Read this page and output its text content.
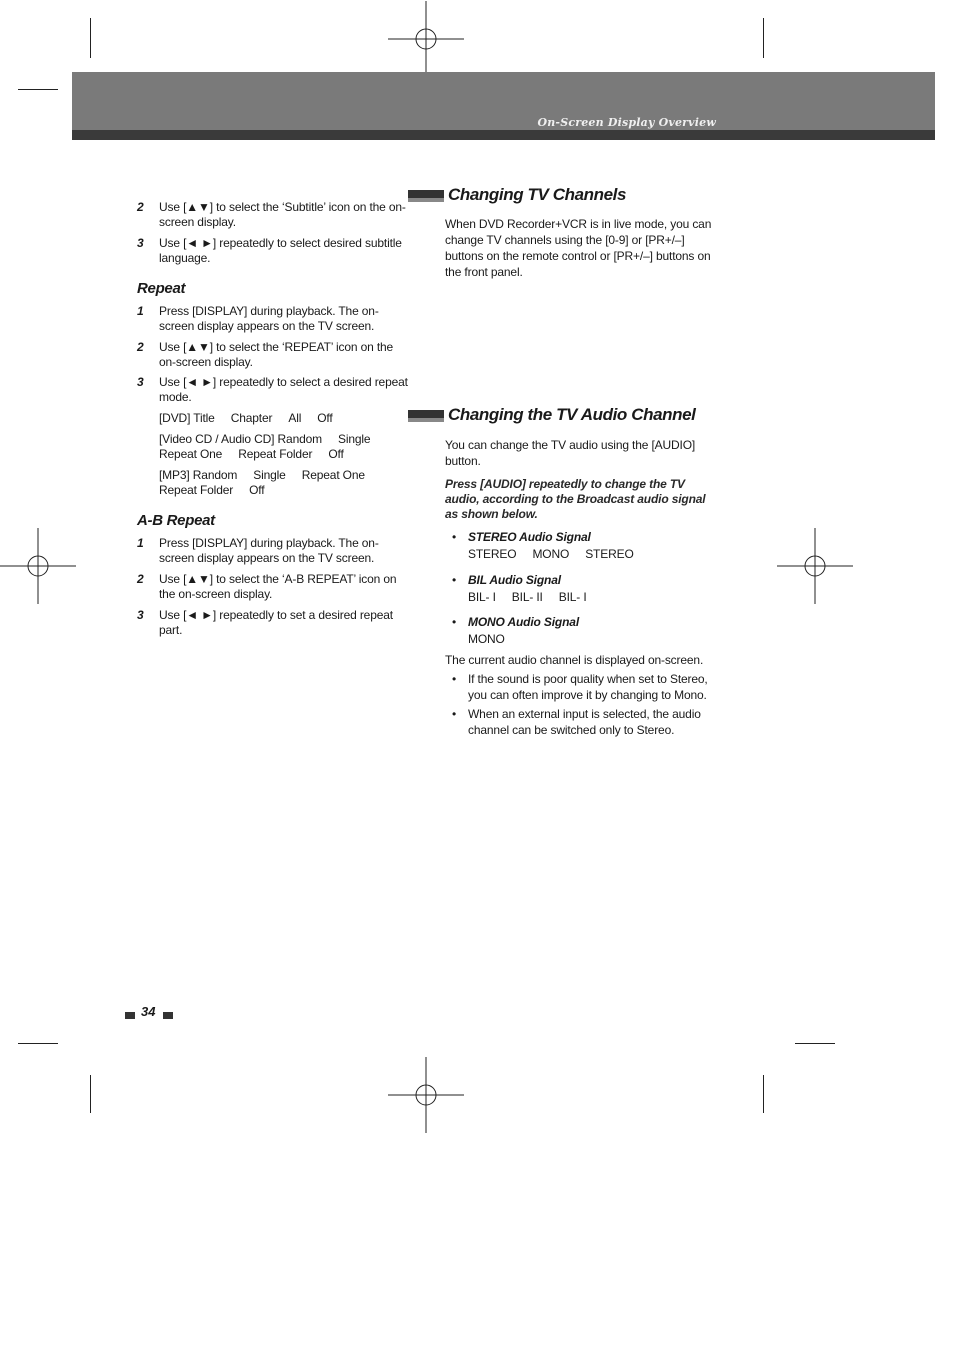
On-Screen Display Overview
2 Use [▲▼] to select the ‘Subtitle’ icon on the on-screen display.
3 Use [◄ ►] repeatedly to select desired subtitle language.
Repeat
1 Press [DISPLAY] during playback. The on-screen display appears on the TV screen.
2 Use [▲▼] to select the ‘REPEAT’ icon on the on-screen display.
3 Use [◄ ►] repeatedly to select a desired repeat mode.
[DVD] Title Chapter All Off
[Video CD / Audio CD] Random Single
Repeat One Repeat Folder Off
[MP3] Random Single Repeat One
Repeat Folder Off
A-B Repeat
1 Press [DISPLAY] during playback. The on-screen display appears on the TV screen.
2 Use [▲▼] to select the ‘A-B REPEAT’ icon on the on-screen display.
3 Use [◄ ►] repeatedly to set a desired repeat part.
Changing TV Channels
When DVD Recorder+VCR is in live mode, you can change TV channels using the [0-9] or [PR+/–] buttons on the remote control or [PR+/–] buttons on the front panel.
Changing the TV Audio Channel
You can change the TV audio using the [AUDIO] button.
Press [AUDIO] repeatedly to change the TV audio, according to the Broadcast audio signal as shown below.
• STEREO Audio Signal
STEREO MONO STEREO
• BIL Audio Signal
BIL- I BIL- II BIL- I
• MONO Audio Signal
MONO
The current audio channel is displayed on-screen.
• If the sound is poor quality when set to Stereo, you can often improve it by changing to Mono.
• When an external input is selected, the audio channel can be switched only to Stereo.
34
